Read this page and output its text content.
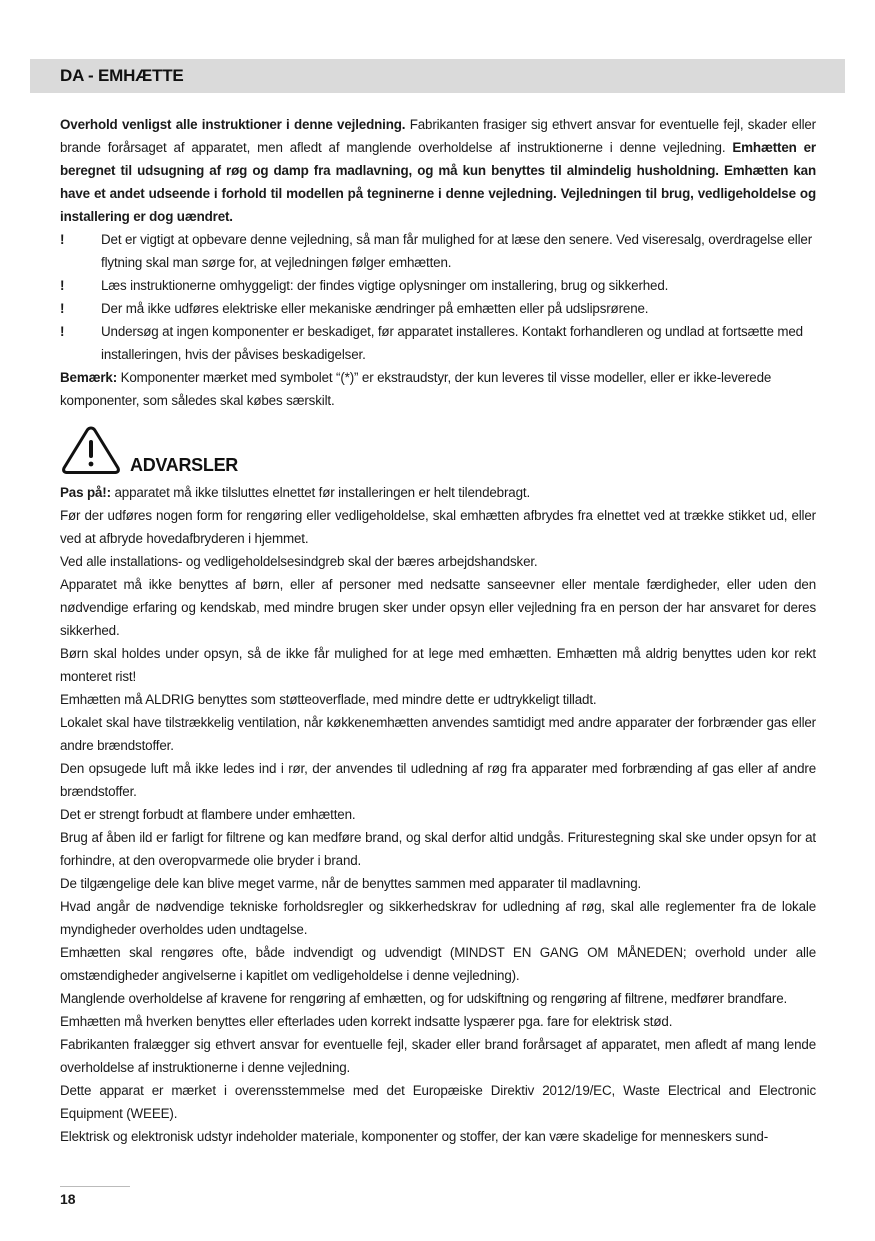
DA - EMHÆTTE

Overhold venligst alle instruktioner i denne vejledning. Fabrikanten frasiger sig ethvert ansvar for eventuelle fejl, skader eller brande forårsaget af apparatet, men afledt af manglende overholdelse af instruktionerne i denne vejledning. Emhætten er beregnet til udsugning af røg og damp fra madlavning, og må kun benyttes til almindelig husholdning. Emhætten kan have et andet udseende i forhold til modellen på tegninerne i denne vejledning. Vejledningen til brug, vedligeholdelse og installering er dog uændret.

!	Det er vigtigt at opbevare denne vejledning, så man får mulighed for at læse den senere. Ved viseresalg, overdragelse eller flytning skal man sørge for, at vejledningen følger emhætten.
!	Læs instruktionerne omhyggeligt: der findes vigtige oplysninger om installering, brug og sikkerhed.
!	Der må ikke udføres elektriske eller mekaniske ændringer på emhætten eller på udslipsrørene.
!	Undersøg at ingen komponenter er beskadiget, før apparatet installeres. Kontakt forhandleren og undlad at fortsætte med installeringen, hvis der påvises beskadigelser.

Bemærk: Komponenter mærket med symbolet “(*)” er ekstraudstyr, der kun leveres til visse modeller, eller er ikke-leverede komponenter, som således skal købes særskilt.

ADVARSLER

Pas på!: apparatet må ikke tilsluttes elnettet før installeringen er helt tilendebragt.

Før der udføres nogen form for rengøring eller vedligeholdelse, skal emhætten afbrydes fra elnettet ved at trække stikket ud, eller ved at afbryde hovedafbryderen i hjemmet.

Ved alle installations- og vedligeholdelsesindgreb skal der bæres arbejdshandsker.

Apparatet må ikke benyttes af børn, eller af personer med nedsatte sanseevner eller mentale færdigheder, eller uden den nødvendige erfaring og kendskab, med mindre brugen sker under opsyn eller vejledning fra en person der har ansvaret for deres sikkerhed.

Børn skal holdes under opsyn, så de ikke får mulighed for at lege med emhætten. Emhætten må aldrig benyttes uden kor rekt monteret rist!

Emhætten må ALDRIG benyttes som støtteoverflade, med mindre dette er udtrykkeligt tilladt.

Lokalet skal have tilstrækkelig ventilation, når køkkenemhætten anvendes samtidigt med andre apparater der forbrænder gas eller andre brændstoffer.

Den opsugede luft må ikke ledes ind i rør, der anvendes til udledning af røg fra apparater med forbrænding af gas eller af andre brændstoffer.

Det er strengt forbudt at flambere under emhætten.

Brug af åben ild er farligt for filtrene og kan medføre brand, og skal derfor altid undgås. Friturestegning skal ske under opsyn for at forhindre, at den overopvarmede olie bryder i brand.

De tilgængelige dele kan blive meget varme, når de benyttes sammen med apparater til madlavning.

Hvad angår de nødvendige tekniske forholdsregler og sikkerhedskrav for udledning af røg, skal alle reglementer fra de lokale myndigheder overholdes uden undtagelse.

Emhætten skal rengøres ofte, både indvendigt og udvendigt (MINDST EN GANG OM MÅNEDEN; overhold under alle omstændigheder angivelserne i kapitlet om vedligeholdelse i denne vejledning).

Manglende overholdelse af kravene for rengøring af emhætten, og for udskiftning og rengøring af filtrene, medfører brandfare.

Emhætten må hverken benyttes eller efterlades uden korrekt indsatte lyspærer pga. fare for elektrisk stød.

Fabrikanten fralægger sig ethvert ansvar for eventuelle fejl, skader eller brand forårsaget af apparatet, men afledt af mang lende overholdelse af instruktionerne i denne vejledning.

Dette apparat er mærket i overensstemmelse med det Europæiske Direktiv 2012/19/EC, Waste Electrical and Electronic Equipment (WEEE).

Elektrisk og elektronisk udstyr indeholder materiale, komponenter og stoffer, der kan være skadelige for menneskers sund-

18
